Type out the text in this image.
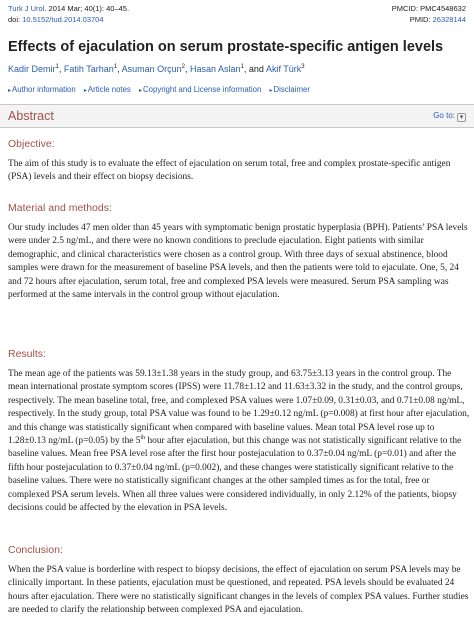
Turk J Urol. 2014 Mar; 40(1): 40–45.
doi: 10.5152/tud.2014.03704
PMCID: PMC4548632
PMID: 26328144
Effects of ejaculation on serum prostate-specific antigen levels
Kadir Demir$^1$, Fatih Tarhan$^1$, Asuman Orçun$^2$, Hasan Aslan$^1$, and Akif Türk$^3$
▸Author information ▸Article notes ▸Copyright and License information ▸Disclaimer
Abstract	Go to: ▾
Objective:

The aim of this study is to evaluate the effect of ejaculation on serum total, free and complex prostate-specific antigen (PSA) levels and their effect on biopsy decisions.

Material and methods:

Our study includes 47 men older than 45 years with symptomatic benign prostatic hyperplasia (BPH). Patients’ PSA levels were under 2.5 ng/mL, and there were no known conditions to preclude ejaculation. Eight patients with similar demographic, and clinical characteristics were chosen as a control group. With three days of sexual abstinence, blood samples were drawn for the measurement of baseline PSA levels, and then the patients were told to ejaculate. One, 5, 24 and 72 hours after ejaculation, serum total, free and complexed PSA levels were measured. Serum PSA sampling was performed at the same intervals in the control group without ejaculation.

Results:

The mean age of the patients was 59.13±1.38 years in the study group, and 63.75±3.13 years in the control group. The mean international prostate symptom scores (IPSS) were 11.78±1.12 and 11.63±3.32 in the study, and the control groups, respectively. The mean baseline total, free, and complexed PSA values were 1.07±0.09, 0.31±0.03, and 0.71±0.08 ng/mL, respectively. In the study group, total PSA value was found to be 1.29±0.12 ng/mL (p=0.008) at first hour after ejaculation, and this change was statistically significant when compared with baseline values. Mean total PSA level rose up to 1.28±0.13 ng/mL (p=0.05) by the 5th hour after ejaculation, but this change was not statistically significant relative to the baseline values. Mean free PSA level rose after the first hour postejaculation to 0.37±0.04 ng/mL (p=0.01) and after the fifth hour postejaculation to 0.37±0.04 ng/mL (p=0.002), and these changes were statistically significant relative to the baseline values. There were no statistically significant changes at the other sampled times as for the total, free or complexed PSA serum levels. When all three values were considered individually, in only 2.12% of the patients, biopsy decisions could be affected by the elevation in PSA levels.

Conclusion:

When the PSA value is borderline with respect to biopsy decisions, the effect of ejaculation on serum PSA levels may be clinically important. In these patients, ejaculation must be questioned, and repeated. PSA levels should be evaluated 24 hours after ejaculation. There were no statistically significant changes in the levels of complex PSA values. Further studies are needed to clarify the relationship between complexed PSA and ejaculation.
